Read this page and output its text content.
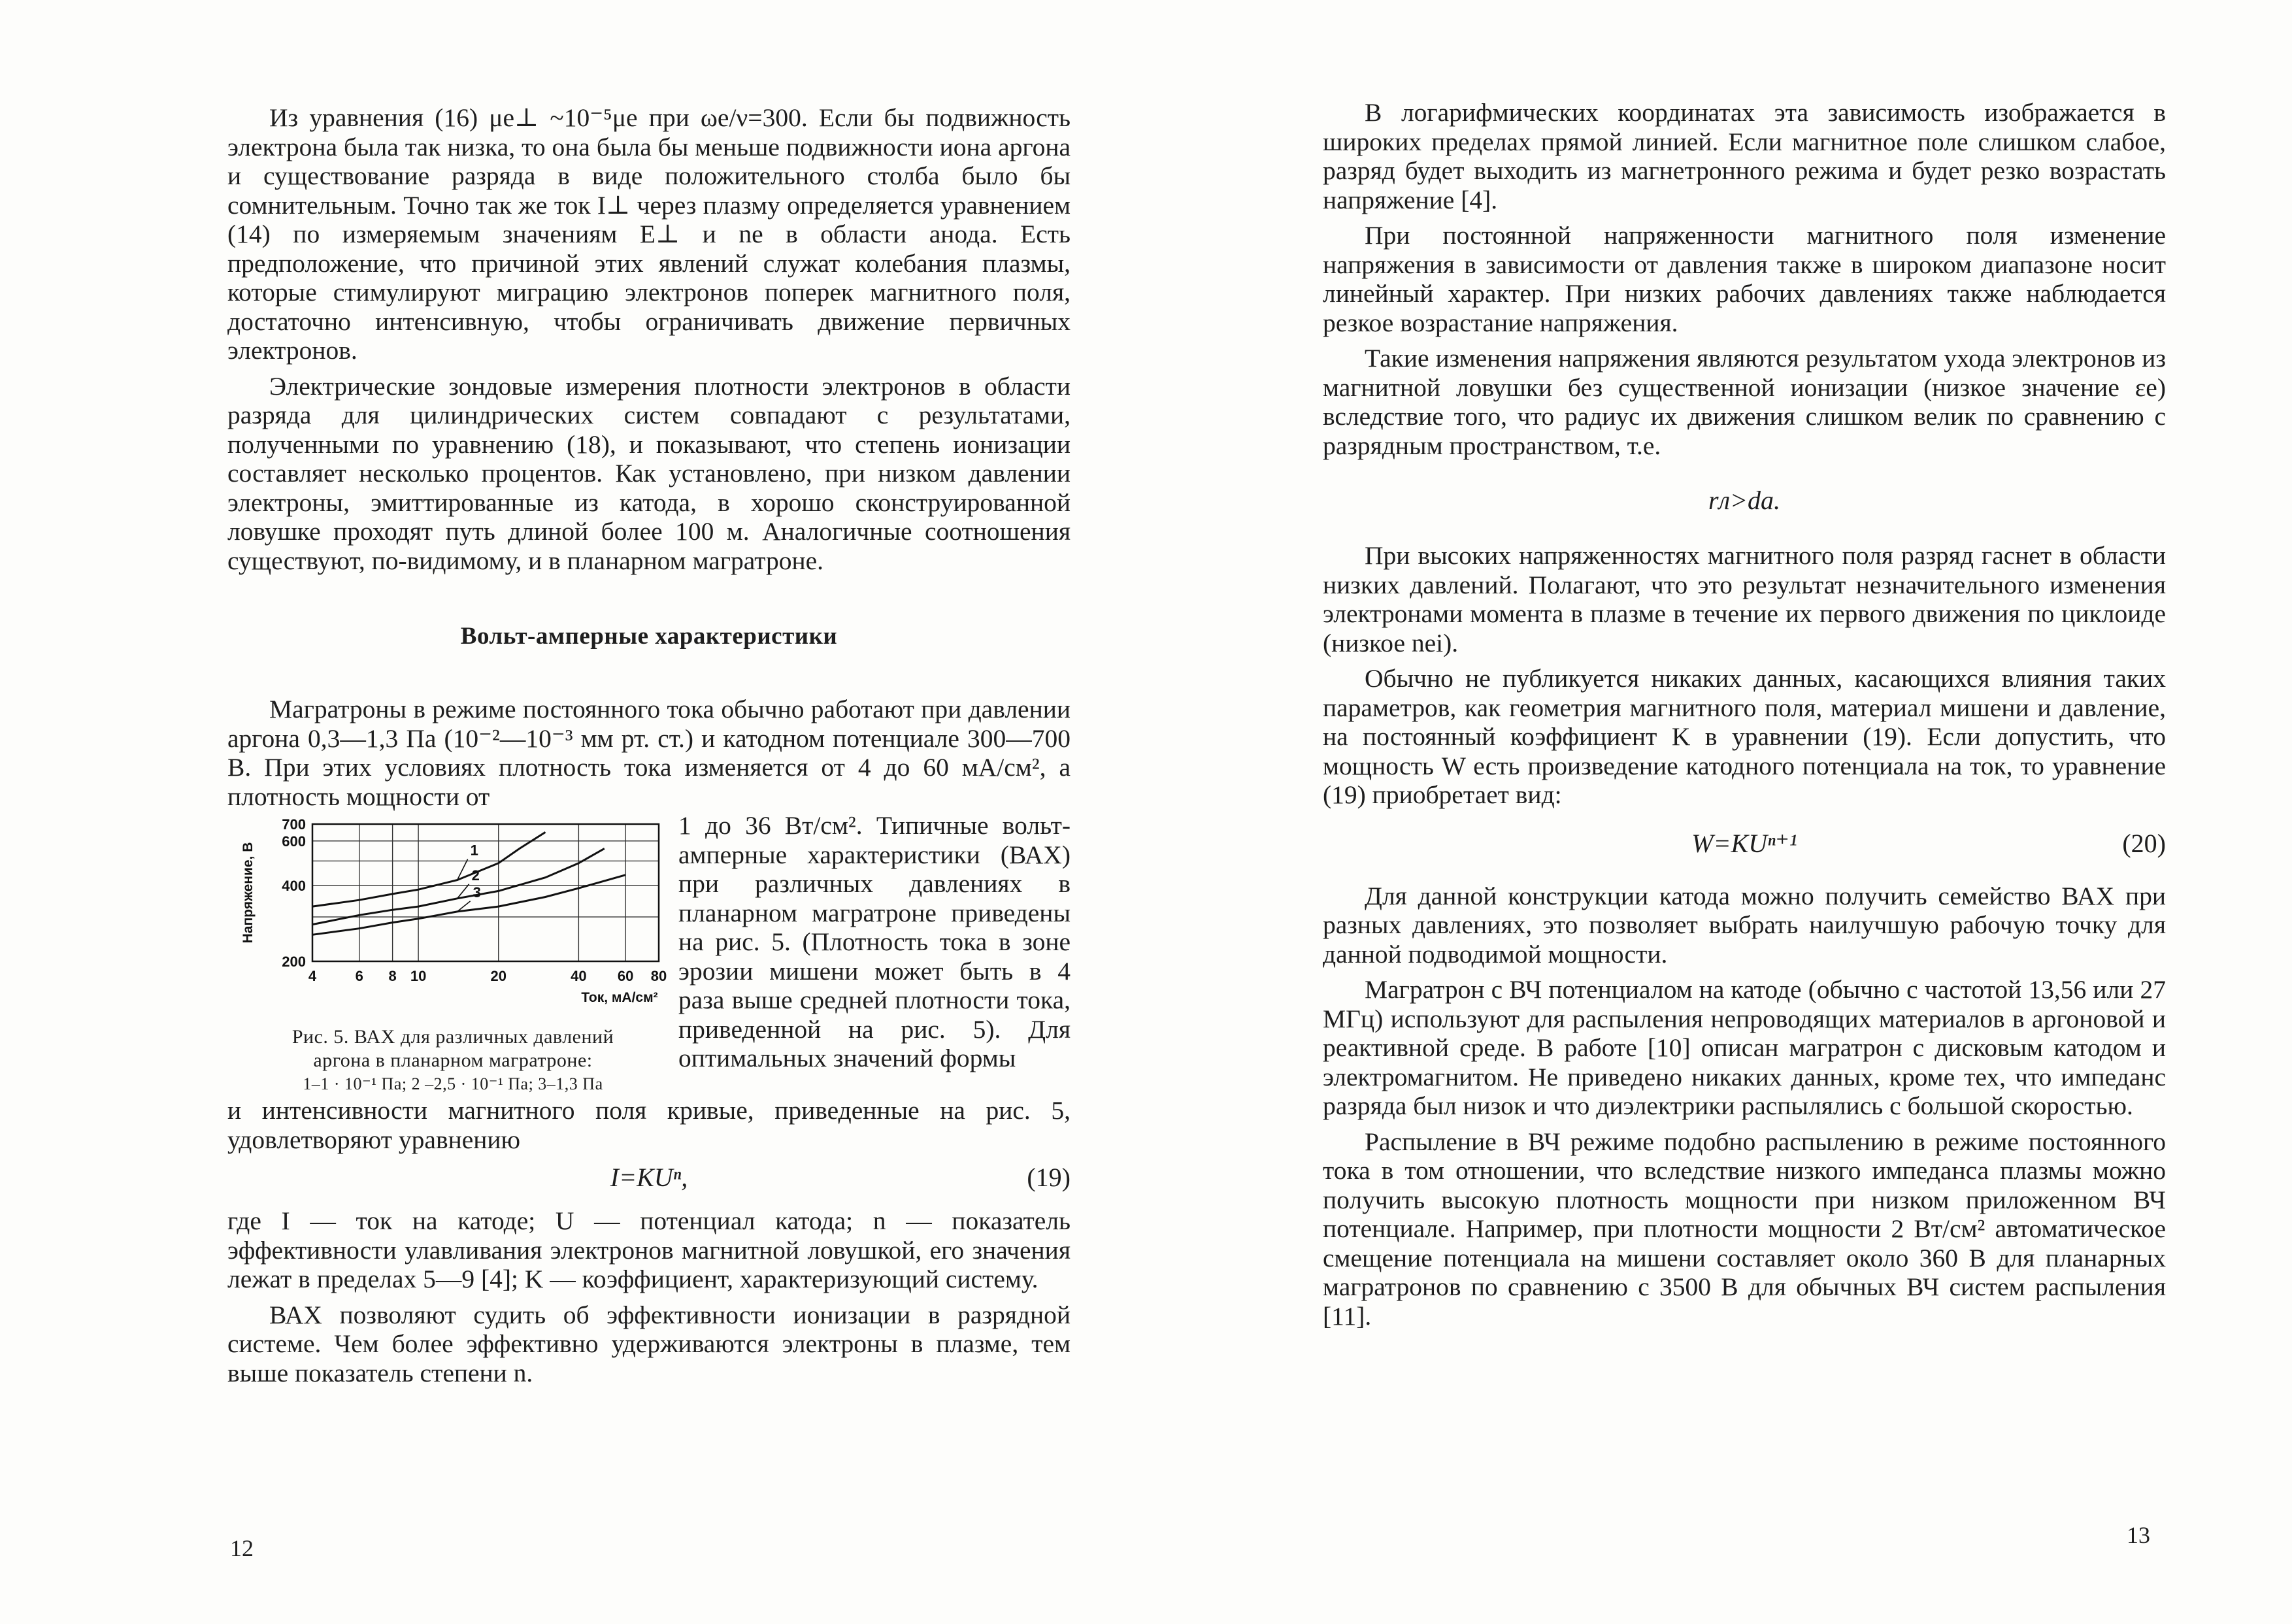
Из уравнения (16) μe⊥ ~10⁻⁵μe при ωe/ν=300. Если бы подвижность электрона была так низка, то она была бы меньше подвижности иона аргона и существование разряда в виде положительного столба было бы сомнительным. Точно так же ток I⊥ через плазму определяется уравнением (14) по измеряемым значениям E⊥ и ne в области анода. Есть предположение, что причиной этих явлений служат колебания плазмы, которые стимулируют миграцию электронов поперек магнитного поля, достаточно интенсивную, чтобы ограничивать движение первичных электронов.

Электрические зондовые измерения плотности электронов в области разряда для цилиндрических систем совпадают с результатами, полученными по уравнению (18), и показывают, что степень ионизации составляет несколько процентов. Как установлено, при низком давлении электроны, эмиттированные из катода, в хорошо сконструированной ловушке проходят путь длиной более 100 м. Аналогичные соотношения существуют, по-видимому, и в планарном магратроне.

Вольт-амперные характеристики

Магратроны в режиме постоянного тока обычно работают при давлении аргона 0,3—1,3 Па (10⁻²—10⁻³ мм рт. ст.) и катодном потенциале 300—700 В. При этих условиях плотность тока изменяется от 4 до 60 мА/см², а плотность мощности от

4	6 8 10	20	40 60 80
200
400
600
700
Ток, мА/см²
Напряжение, В	1
2
3
Рис. 5. ВАХ для различных давлений
аргона в планарном магратроне:
1–1 · 10⁻¹ Па; 2 –2,5 · 10⁻¹ Па; 3–1,3 Па

1 до 36 Вт/см². Типичные вольт-амперные характеристики (ВАХ) при различных давлениях в планарном магратроне приведены на рис. 5. (Плотность тока в зоне эрозии мишени может быть в 4 раза выше средней плотности тока, приведенной на рис. 5). Для оптимальных значений формы

и интенсивности магнитного поля кривые, приведенные на рис. 5, удовлетворяют уравнению

I=KUⁿ,	(19)

где I — ток на катоде; U — потенциал катода; n — показатель эффективности улавливания электронов магнитной ловушкой, его значения лежат в пределах 5—9 [4]; K — коэффициент, характеризующий систему.

ВАХ позволяют судить об эффективности ионизации в разрядной системе. Чем более эффективно удерживаются электроны в плазме, тем выше показатель степени n.

12

В логарифмических координатах эта зависимость изображается в широких пределах прямой линией. Если магнитное поле слишком слабое, разряд будет выходить из магнетронного режима и будет резко возрастать напряжение [4].

При постоянной напряженности магнитного поля изменение напряжения в зависимости от давления также в широком диапазоне носит линейный характер. При низких рабочих давлениях также наблюдается резкое возрастание напряжения.

Такие изменения напряжения являются результатом ухода электронов из магнитной ловушки без существенной ионизации (низкое значение εe) вследствие того, что радиус их движения слишком велик по сравнению с разрядным пространством, т.е.

rл>dа.

При высоких напряженностях магнитного поля разряд гаснет в области низких давлений. Полагают, что это результат незначительного изменения электронами момента в плазме в течение их первого движения по циклоиде (низкое nei).

Обычно не публикуется никаких данных, касающихся влияния таких параметров, как геометрия магнитного поля, материал мишени и давление, на постоянный коэффициент K в уравнении (19). Если допустить, что мощность W есть произведение катодного потенциала на ток, то уравнение (19) приобретает вид:

W=KUⁿ⁺¹	(20)

Для данной конструкции катода можно получить семейство ВАХ при разных давлениях, это позволяет выбрать наилучшую рабочую точку для данной подводимой мощности.

Магратрон с ВЧ потенциалом на катоде (обычно с частотой 13,56 или 27 МГц) используют для распыления непроводящих материалов в аргоновой и реактивной среде. В работе [10] описан магратрон с дисковым катодом и электромагнитом. Не приведено никаких данных, кроме тех, что импеданс разряда был низок и что диэлектрики распылялись с большой скоростью.

Распыление в ВЧ режиме подобно распылению в режиме постоянного тока в том отношении, что вследствие низкого импеданса плазмы можно получить высокую плотность мощности при низком приложенном ВЧ потенциале. Например, при плотности мощности 2 Вт/см² автоматическое смещение потенциала на мишени составляет около 360 В для планарных магратронов по сравнению с 3500 В для обычных ВЧ систем распыления [11].

13
